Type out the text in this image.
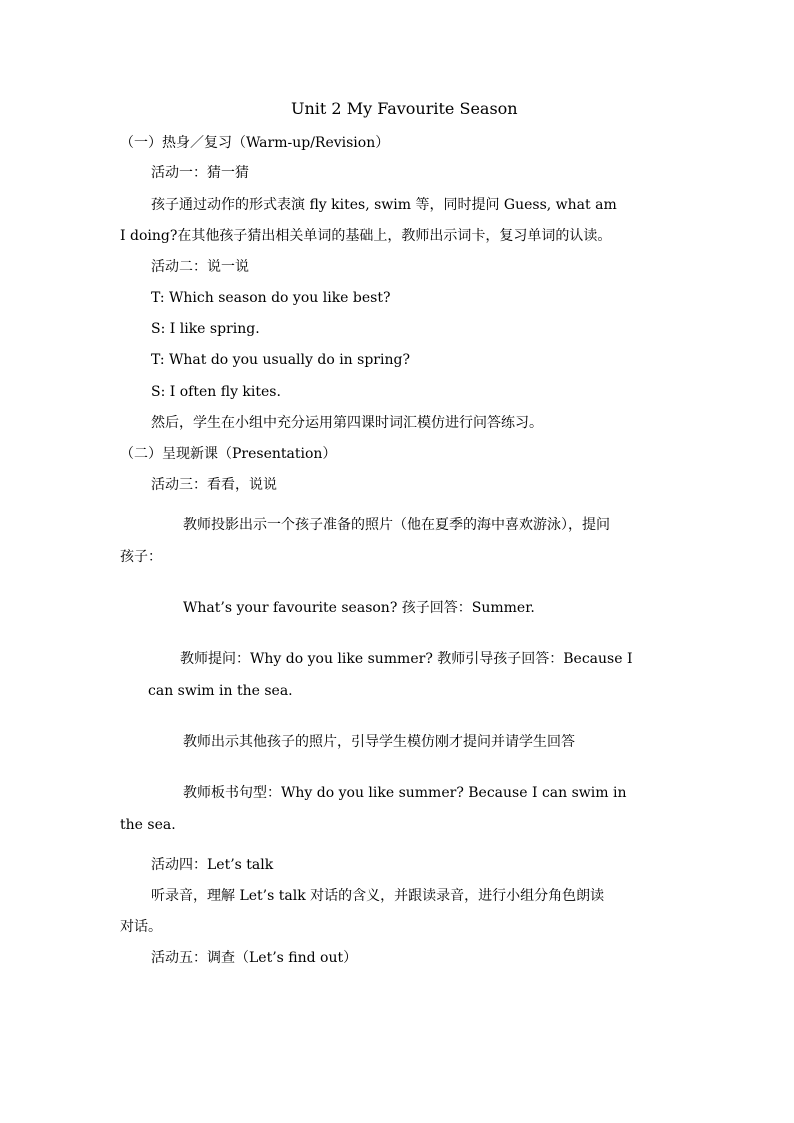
Unit 2 My Favourite Season
（一）热身／复习（Warm-up/Revision）
活动一：猜一猜
孩子通过动作的形式表演 fly kites, swim 等，同时提问 Guess, what am
I doing?在其他孩子猜出相关单词的基础上，教师出示词卡，复习单词的认读。
活动二：说一说
T: Which season do you like best?
S: I like spring.
T: What do you usually do in spring?
S: I often fly kites.
然后，学生在小组中充分运用第四课时词汇模仿进行问答练习。
（二）呈现新课（Presentation）
活动三：看看，说说
教师投影出示一个孩子准备的照片（他在夏季的海中喜欢游泳），提问
孩子：
What’s your favourite season? 孩子回答：Summer.
教师提问：Why do you like summer? 教师引导孩子回答：Because I
can swim in the sea.
教师出示其他孩子的照片，引导学生模仿刚才提问并请学生回答
教师板书句型：Why do you like summer? Because I can swim in
the sea.
活动四：Let’s talk
听录音，理解 Let’s talk 对话的含义，并跟读录音，进行小组分角色朗读
对话。
活动五：调查（Let’s find out）
